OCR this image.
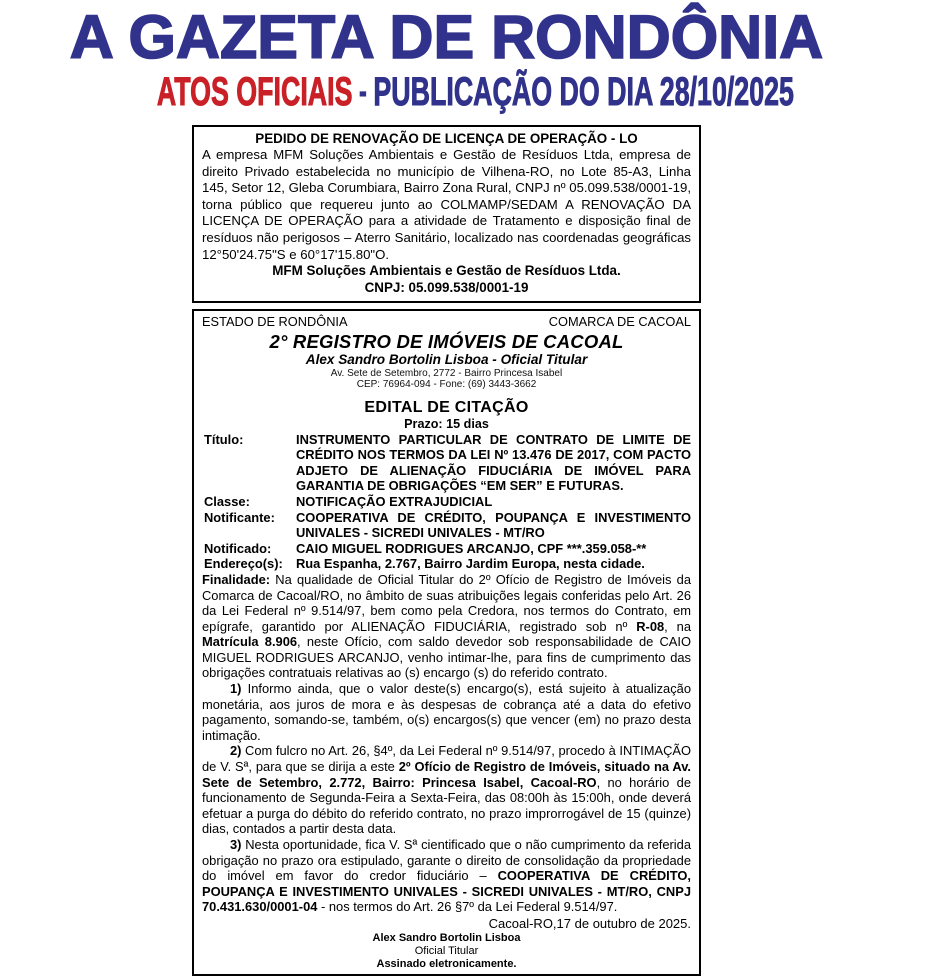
A GAZETA DE RONDÔNIA
ATOS OFICIAIS - PUBLICAÇÃO DO DIA 28/10/2025
PEDIDO DE RENOVAÇÃO DE LICENÇA DE OPERAÇÃO - LO
A empresa MFM Soluções Ambientais e Gestão de Resíduos Ltda, empresa de direito Privado estabelecida no município de Vilhena-RO, no Lote 85-A3, Linha 145, Setor 12, Gleba Corumbiara, Bairro Zona Rural, CNPJ nº 05.099.538/0001-19, torna público que requereu junto ao COLMAMP/SEDAM A RENOVAÇÃO DA LICENÇA DE OPERAÇÃO para a atividade de Tratamento e disposição final de resíduos não perigosos – Aterro Sanitário, localizado nas coordenadas geográficas 12°50'24.75"S e 60°17'15.80"O.
MFM Soluções Ambientais e Gestão de Resíduos Ltda.
CNPJ: 05.099.538/0001-19
ESTADO DE RONDÔNIA	COMARCA DE CACOAL
2° REGISTRO DE IMÓVEIS DE CACOAL
Alex Sandro Bortolin Lisboa - Oficial Titular
Av. Sete de Setembro, 2772 - Bairro Princesa Isabel
CEP: 76964-094 - Fone: (69) 3443-3662
EDITAL DE CITAÇÃO
Prazo: 15 dias
Título:	INSTRUMENTO PARTICULAR DE CONTRATO DE LIMITE DE CRÉDITO NOS TERMOS DA LEI Nº 13.476 DE 2017, COM PACTO ADJETO DE ALIENAÇÃO FIDUCIÁRIA DE IMÓVEL PARA GARANTIA DE OBRIGAÇÕES “EM SER” E FUTURAS.
Classe:	NOTIFICAÇÃO EXTRAJUDICIAL
Notificante:	COOPERATIVA DE CRÉDITO, POUPANÇA E INVESTIMENTO UNIVALES - SICREDI UNIVALES - MT/RO
Notificado:	CAIO MIGUEL RODRIGUES ARCANJO, CPF ***.359.058-**
Endereço(s):	Rua Espanha, 2.767, Bairro Jardim Europa, nesta cidade.
Finalidade: Na qualidade de Oficial Titular do 2º Ofício de Registro de Imóveis da Comarca de Cacoal/RO, no âmbito de suas atribuições legais conferidas pelo Art. 26 da Lei Federal nº 9.514/97, bem como pela Credora, nos termos do Contrato, em epígrafe, garantido por ALIENAÇÃO FIDUCIÁRIA, registrado sob nº R-08, na Matrícula 8.906, neste Ofício, com saldo devedor sob responsabilidade de CAIO MIGUEL RODRIGUES ARCANJO, venho intimar-lhe, para fins de cumprimento das obrigações contratuais relativas ao (s) encargo (s) do referido contrato.
1) Informo ainda, que o valor deste(s) encargo(s), está sujeito à atualização monetária, aos juros de mora e às despesas de cobrança até a data do efetivo pagamento, somando-se, também, o(s) encargos(s) que vencer (em) no prazo desta intimação.
2) Com fulcro no Art. 26, §4º, da Lei Federal nº 9.514/97, procedo à INTIMAÇÃO de V. Sª, para que se dirija a este 2º Ofício de Registro de Imóveis, situado na Av. Sete de Setembro, 2.772, Bairro: Princesa Isabel, Cacoal-RO, no horário de funcionamento de Segunda-Feira a Sexta-Feira, das 08:00h às 15:00h, onde deverá efetuar a purga do débito do referido contrato, no prazo improrrogável de 15 (quinze) dias, contados a partir desta data.
3) Nesta oportunidade, fica V. Sª cientificado que o não cumprimento da referida obrigação no prazo ora estipulado, garante o direito de consolidação da propriedade do imóvel em favor do credor fiduciário – COOPERATIVA DE CRÉDITO, POUPANÇA E INVESTIMENTO UNIVALES - SICREDI UNIVALES - MT/RO, CNPJ 70.431.630/0001-04 - nos termos do Art. 26 §7º da Lei Federal 9.514/97.
Cacoal-RO,17 de outubro de 2025.
Alex Sandro Bortolin Lisboa
Oficial Titular
Assinado eletronicamente.
